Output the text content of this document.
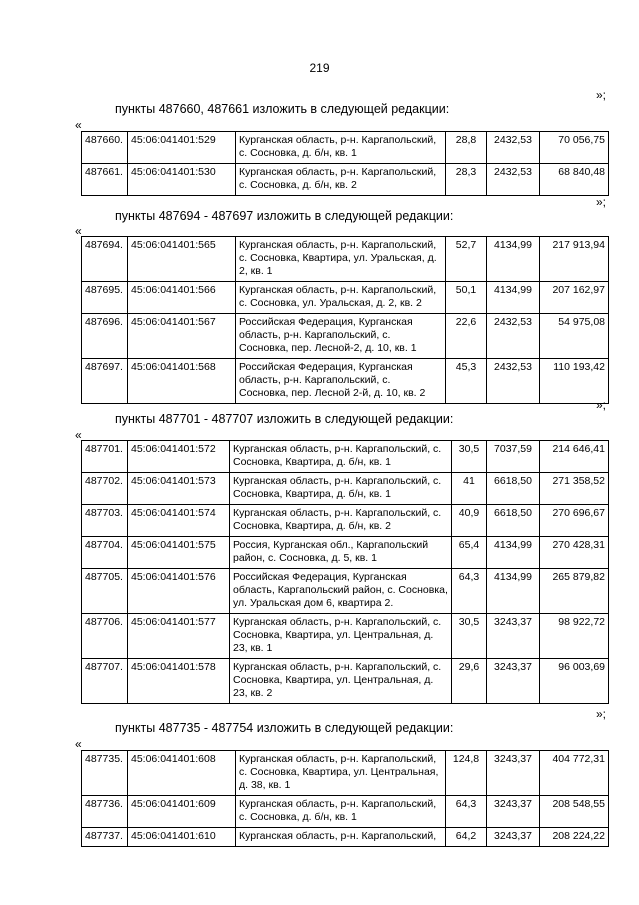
219
»;
пункты 487660, 487661 изложить в следующей редакции:
«
487660.	45:06:041401:529	Курганская область, р-н. Каргапольский, с. Сосновка, д. б/н, кв. 1	28,8	2432,53	70 056,75
487661.	45:06:041401:530	Курганская область, р-н. Каргапольский, с. Сосновка, д. б/н, кв. 2	28,3	2432,53	68 840,48
»;
пункты 487694 - 487697 изложить в следующей редакции:
«
487694.	45:06:041401:565	Курганская область, р-н. Каргапольский, с. Сосновка, Квартира, ул. Уральская, д. 2, кв. 1	52,7	4134,99	217 913,94
487695.	45:06:041401:566	Курганская область, р-н. Каргапольский, с. Сосновка, ул. Уральская, д. 2, кв. 2	50,1	4134,99	207 162,97
487696.	45:06:041401:567	Российская Федерация, Курганская область, р-н. Каргапольский, с. Сосновка, пер. Лесной-2, д. 10, кв. 1	22,6	2432,53	54 975,08
487697.	45:06:041401:568	Российская Федерация, Курганская область, р-н. Каргапольский, с. Сосновка, пер. Лесной 2-й, д. 10, кв. 2	45,3	2432,53	110 193,42
»;
пункты 487701 - 487707 изложить в следующей редакции:
«
487701.	45:06:041401:572	Курганская область, р-н. Каргапольский, с. Сосновка, Квартира, д. б/н, кв. 1	30,5	7037,59	214 646,41
487702.	45:06:041401:573	Курганская область, р-н. Каргапольский, с. Сосновка, Квартира, д. б/н, кв. 1	41	6618,50	271 358,52
487703.	45:06:041401:574	Курганская область, р-н. Каргапольский, с. Сосновка, Квартира, д. б/н, кв. 2	40,9	6618,50	270 696,67
487704.	45:06:041401:575	Россия, Курганская обл., Каргапольский район, с. Сосновка, д. 5, кв. 1	65,4	4134,99	270 428,31
487705.	45:06:041401:576	Российская Федерация, Курганская область, Каргапольский район, с. Сосновка, ул. Уральская дом 6, квартира 2.	64,3	4134,99	265 879,82
487706.	45:06:041401:577	Курганская область, р-н. Каргапольский, с. Сосновка, Квартира, ул. Центральная, д. 23, кв. 1	30,5	3243,37	98 922,72
487707.	45:06:041401:578	Курганская область, р-н. Каргапольский, с. Сосновка, Квартира, ул. Центральная, д. 23, кв. 2	29,6	3243,37	96 003,69
»;
пункты 487735 - 487754 изложить в следующей редакции:
«
487735.	45:06:041401:608	Курганская область, р-н. Каргапольский, с. Сосновка, Квартира, ул. Центральная, д. 38, кв. 1	124,8	3243,37	404 772,31
487736.	45:06:041401:609	Курганская область, р-н. Каргапольский, с. Сосновка, д. б/н, кв. 1	64,3	3243,37	208 548,55
487737.	45:06:041401:610	Курганская область, р-н. Каргапольский,	64,2	3243,37	208 224,22
